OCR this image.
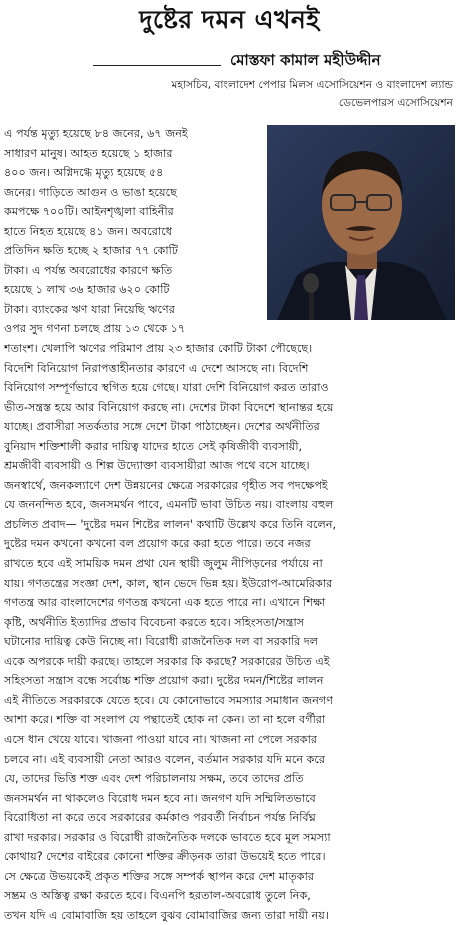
দুষ্টের দমন এখনই
মোস্তফা কামাল মহীউদ্দীন
মহাসচিব, বাংলাদেশ পেপার মিলস এসোসিয়েশন ও বাংলাদেশ ল্যান্ড
ডেভেলপারস এসোসিয়েশন
এ পর্যন্ত মৃত্যু হয়েছে ৮৪ জনের, ৬৭ জনই
সাধারণ মানুষ। আহত হয়েছে ১ হাজার
৪০০ জন। অগ্নিদগ্ধে মৃত্যু হয়েছে ৫৪
জনের। গাড়িতে আগুন ও ভাঙা হয়েছে
কমপক্ষে ৭০০টি। আইনশৃঙ্খলা বাহিনীর
হাতে নিহত হয়েছে ৪১ জন। অবরোধে
প্রতিদিন ক্ষতি হচ্ছে ২ হাজার ৭৭ কোটি
টাকা। এ পর্যন্ত অবরোধের কারণে ক্ষতি
হয়েছে ১ লাখ ৩৬ হাজার ৬২০ কোটি
টাকা। ব্যাংকের ঋণ যারা নিয়েছি ঋণের
ওপর সুদ গণনা চলছে প্রায় ১৩ থেকে ১৭
শতাংশ। খেলাপি ঋণের পরিমাণ প্রায় ২৩ হাজার কোটি টাকা পৌছেছে।
বিদেশি বিনিয়োগ নিরাপত্তাহীনতার কারণে এ দেশে আসছে না। বিদেশি
বিনিয়োগ সম্পূর্ণভাবে স্থগিত হয়ে গেছে। যারা দেশি বিনিয়োগ করত তারাও
ভীত-সন্ত্রস্ত হয়ে আর বিনিয়োগ করছে না। দেশের টাকা বিদেশে স্থানান্তর হয়ে
যাচ্ছে। প্রবাসীরা সতর্কতার সঙ্গে দেশে টাকা পাঠাচ্ছেন। দেশের অর্থনীতির
বুনিয়াদ শক্তিশালী করার দায়িত্ব যাদের হাতে সেই কৃষিজীবী ব্যবসায়ী,
শ্রমজীবী ব্যবসায়ী ও শিল্প উদ্যোক্তা ব্যবসায়ীরা আজ পথে বসে যাচ্ছে।
জনস্বার্থে, জনকল্যাণে দেশ উন্নয়নের ক্ষেত্রে সরকারের গৃহীত সব পদক্ষেপই
যে জননন্দিত হবে, জনসমর্থন পাবে, এমনটি ভাবা উচিত নয়। বাংলায় বহুল
প্রচলিত প্রবাদ— 'দুষ্টের দমন শিষ্টের লালন' কথাটি উল্লেখ করে তিনি বলেন,
দুষ্টের দমন কখনো কখনো বল প্রয়োগ করে করা হতে পারে। তবে নজর
রাখতে হবে এই সাময়িক দমন প্রথা যেন স্থায়ী জুলুম নীপিড়নের পর্যায়ে না
যায়। গণতন্ত্রের সংজ্ঞা দেশ, কাল, স্থান ভেদে ভিন্ন হয়। ইউরোপ-আমেরিকার
গণতন্ত্র আর বাংলাদেশের গণতন্ত্র কখনো এক হতে পারে না। এখানে শিক্ষা
কৃষ্টি, অর্থনীতি ইত্যাদির প্রভাব বিবেচনা করতে হবে। সহিংসতা/সন্ত্রাস
ঘটানোর দায়িত্ব কেউ নিচ্ছে না। বিরোধী রাজনৈতিক দল বা সরকারি দল
একে অপরকে দায়ী করছে। তাহলে সরকার কি করছে? সরকারের উচিত এই
সহিংসতা সন্ত্রাস বন্ধে সর্বোচ্চ শক্তি প্রয়োগ করা। দুষ্টের দমন/শিষ্টের লালন
এই নীতিতে সরকারকে যেতে হবে। যে কোনোভাবে সমস্যার সমাধান জনগণ
আশা করে। শক্তি বা সংলাপ যে পন্থাতেই হোক না কেন। তা না হলে বর্গীরা
এসে ধান খেয়ে যাবে। খাজনা পাওয়া যাবে না। খাজনা না পেলে সরকার
চলবে না। এই ব্যবসায়ী নেতা আরও বলেন, বর্তমান সরকার যদি মনে করে
যে, তাদের ভিত্তি শক্ত এবং দেশ পরিচালনায় সক্ষম, তবে তাদের প্রতি
জনসমর্থন না থাকলেও বিরোধ দমন হবে না। জনগণ যদি সম্মিলিতভাবে
বিরোধিতা না করে তবে সরকারের কর্মকাণ্ড পরবর্তী নির্বাচন পর্যন্ত নির্বিঘ্ন
রাখা দরকার। সরকার ও বিরোধী রাজনৈতিক দলকে ভাবতে হবে মূল সমস্যা
কোথায়? দেশের বাইরের কোনো শক্তির ক্রীড়নক তারা উভয়েই হতে পারে।
সে ক্ষেত্রে উভয়কেই প্রকৃত শক্তির সঙ্গে সম্পর্ক স্থাপন করে দেশ মাতৃকার
সম্ভ্রম ও অস্তিত্ব রক্ষা করতে হবে। বিএনপি হরতাল-অবরোধ তুলে নিক,
তখন যদি এ বোমাবাজি হয় তাহলে বুঝব বোমাবাজির জন্য তারা দায়ী নয়।
